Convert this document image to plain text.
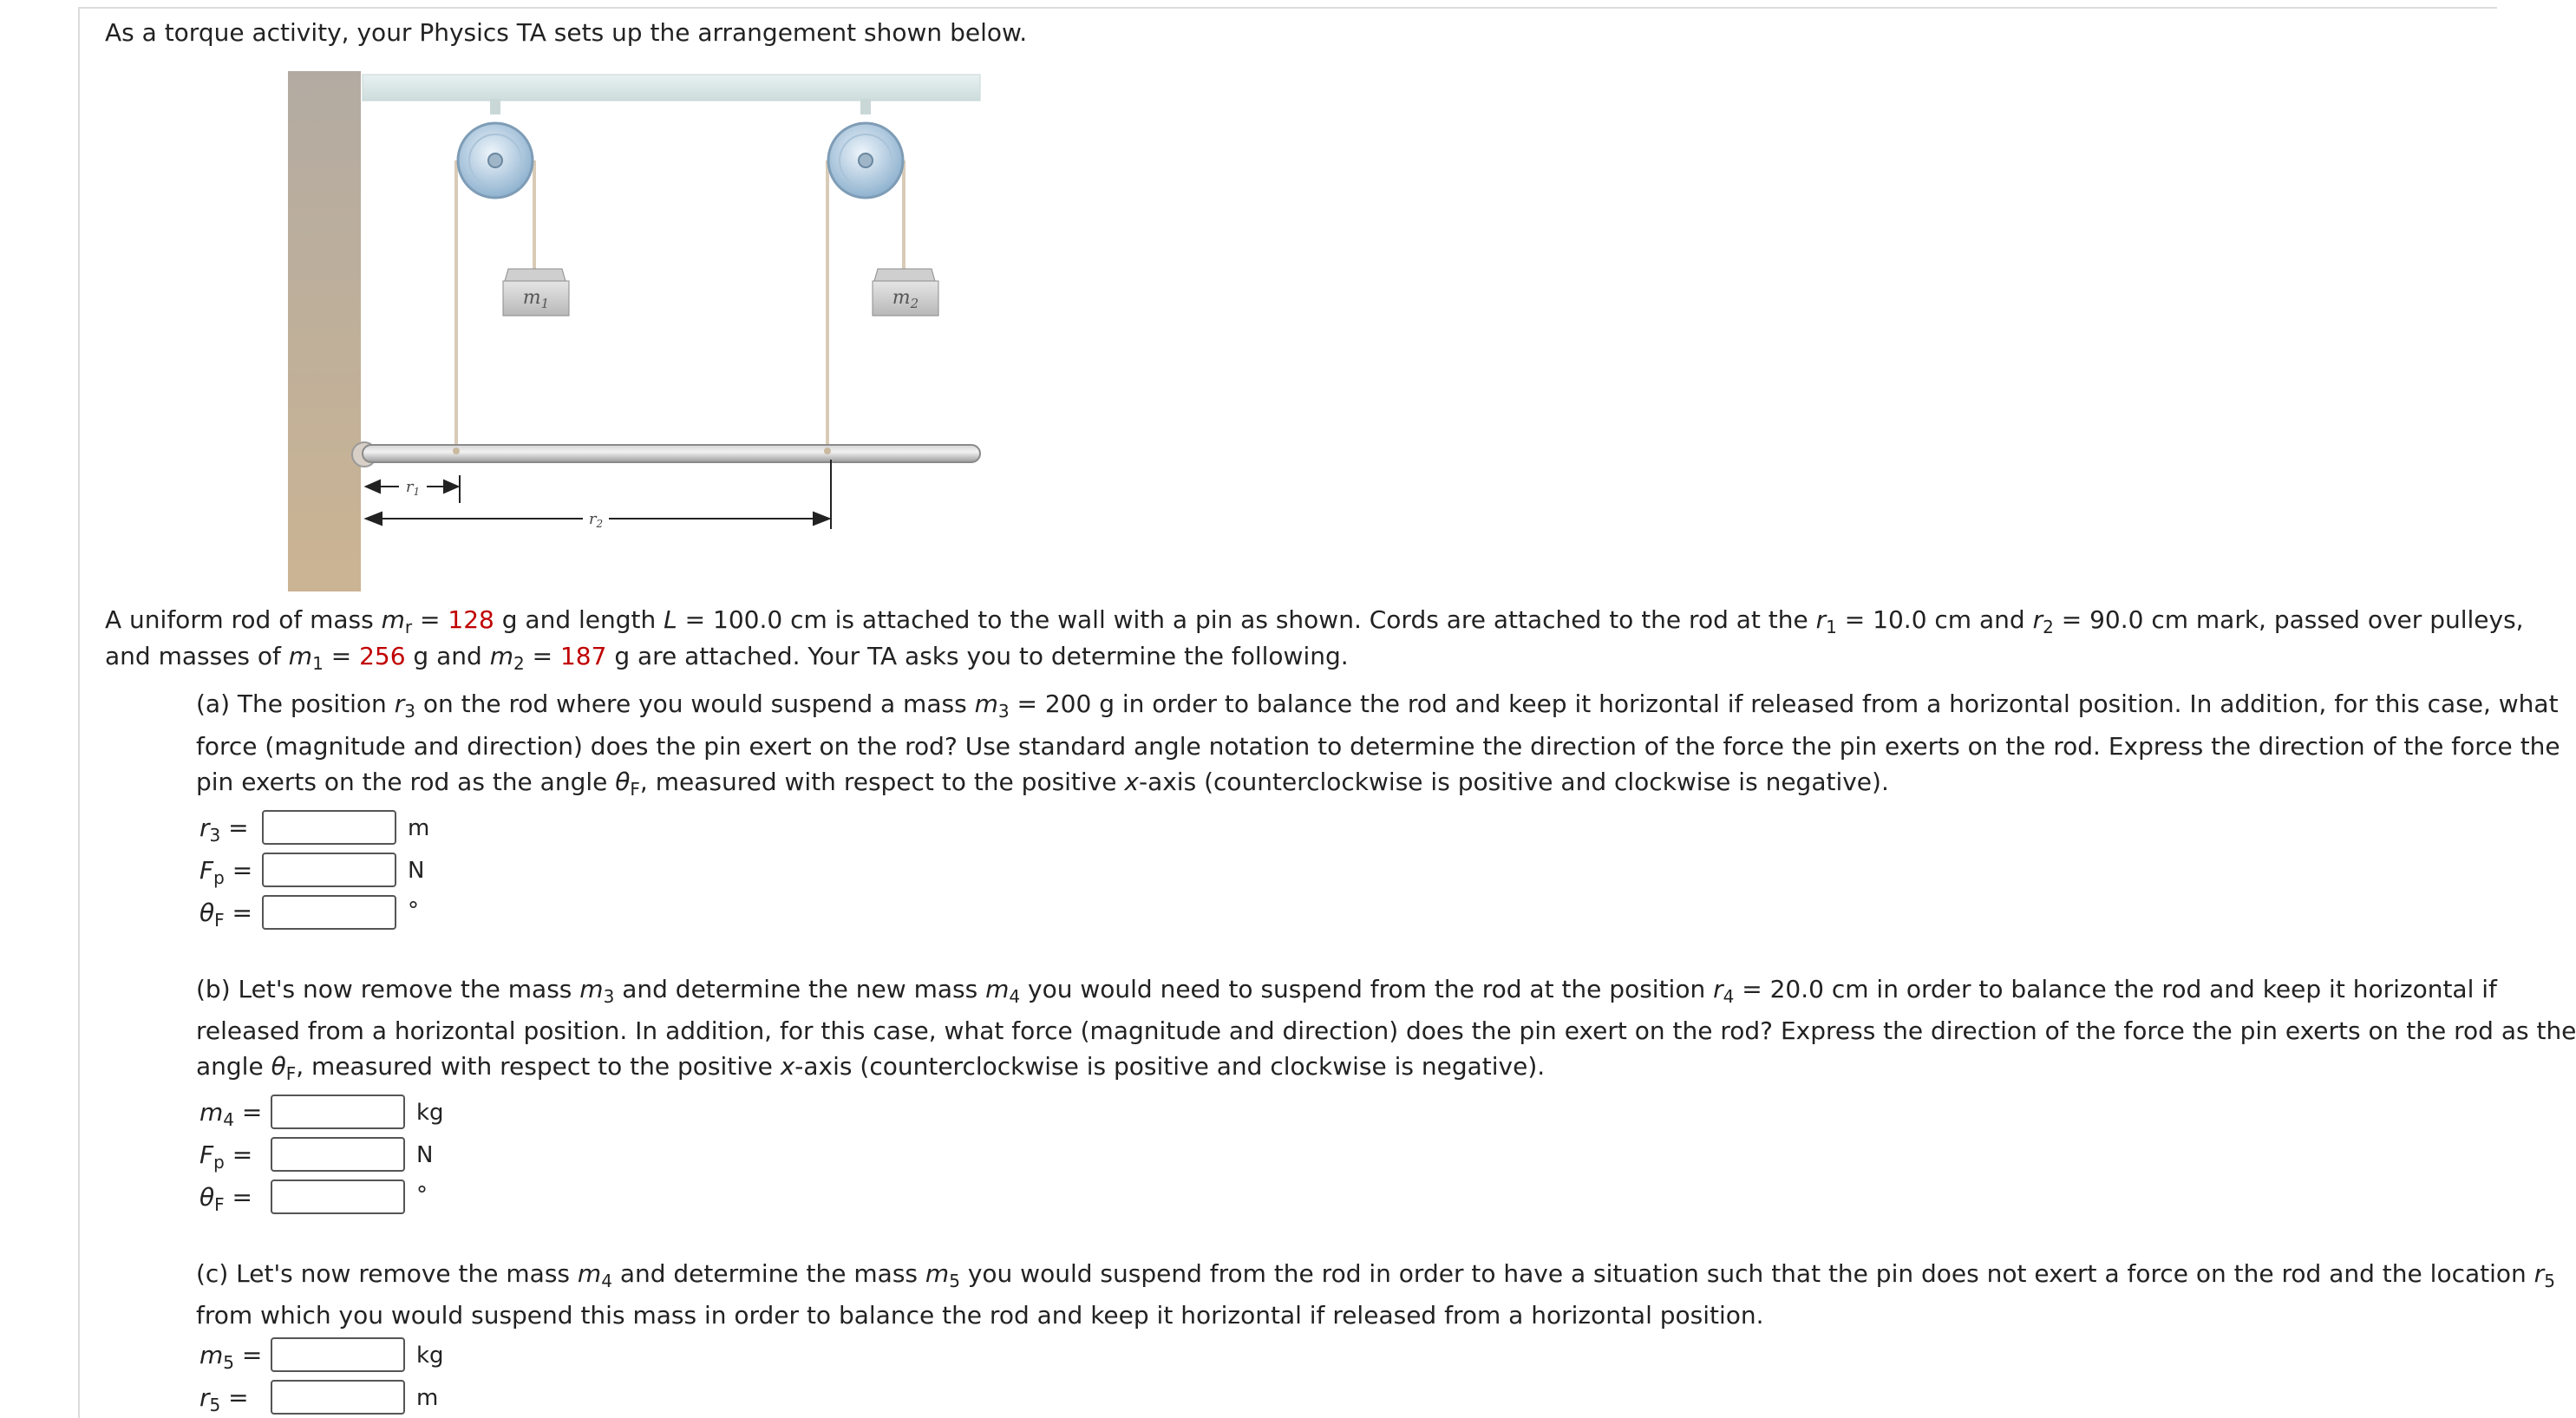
As a torque activity, your Physics TA sets up the arrangement shown below.
$m_1$	$m_2$
$r_1$
$r_2$
A uniform rod of mass $m_r = 128$ g and length L = 100.0 cm is attached to the wall with a pin as shown. Cords are attached to the rod at the $r_1 = 10.0$ cm and $r_2 = 90.0$ cm mark, passed over pulleys,
and masses of $m_1 = 256$ g and $m_2 = 187$ g are attached. Your TA asks you to determine the following.
(a) The position $r_3$ on the rod where you would suspend a mass $m_3 = 200$ g in order to balance the rod and keep it horizontal if released from a horizontal position. In addition, for this case, what
force (magnitude and direction) does the pin exert on the rod? Use standard angle notation to determine the direction of the force the pin exerts on the rod. Express the direction of the force the
pin exerts on the rod as the angle $\theta_F$, measured with respect to the positive x-axis (counterclockwise is positive and clockwise is negative).
$r_3$ =	m
$F_p$ =	N
$\theta_F$ =	°
(b) Let's now remove the mass $m_3$ and determine the new mass $m_4$ you would need to suspend from the rod at the position $r_4 = 20.0$ cm in order to balance the rod and keep it horizontal if
released from a horizontal position. In addition, for this case, what force (magnitude and direction) does the pin exert on the rod? Express the direction of the force the pin exerts on the rod as the
angle $\theta_F$, measured with respect to the positive x-axis (counterclockwise is positive and clockwise is negative).
$m_4$ =	kg
$F_p$ =	N
$\theta_F$ =	°
(c) Let's now remove the mass $m_4$ and determine the mass $m_5$ you would suspend from the rod in order to have a situation such that the pin does not exert a force on the rod and the location $r_5$
from which you would suspend this mass in order to balance the rod and keep it horizontal if released from a horizontal position.
$m_5$ =	kg
$r_5$ =	m
